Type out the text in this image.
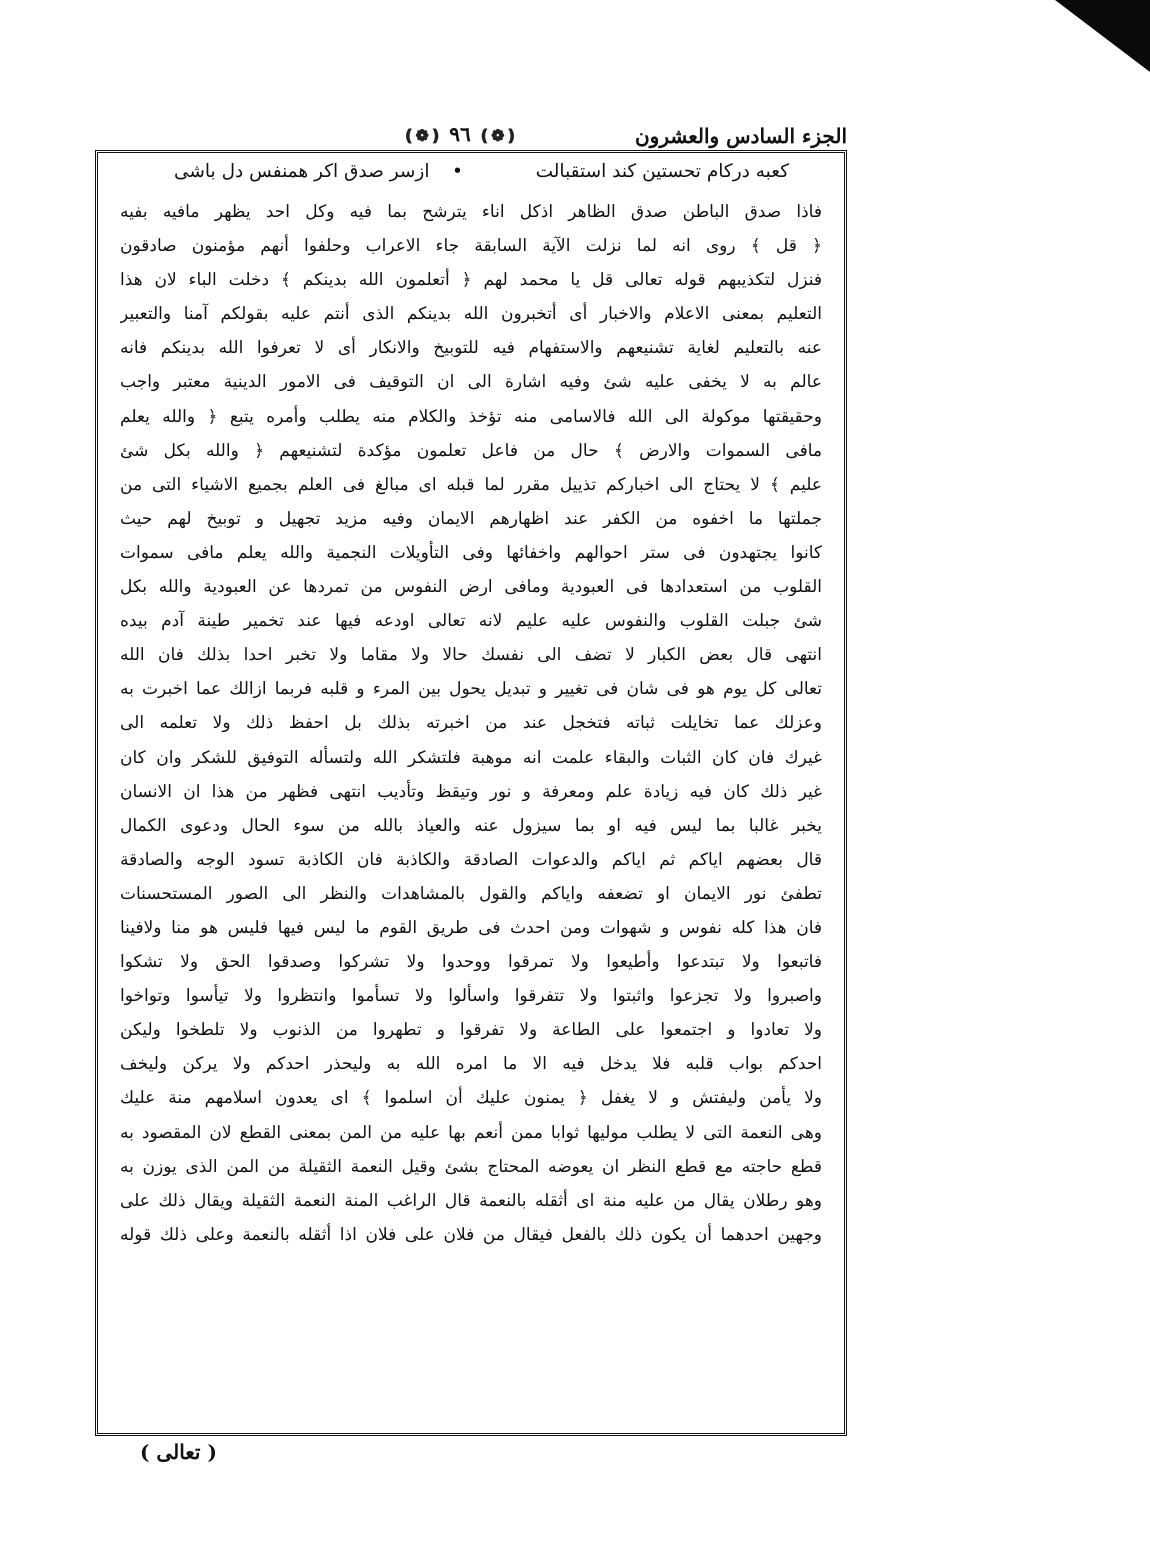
الجزء السادس والعشرون
❪❁❫ ٩٦ ❪❁❫
كعبه دركام تحستين كند استقبالت
•
ازسر صدق اكر همنفس دل باشى
فاذا صدق الباطن صدق الظاهر اذكل اناء يترشح بما فيه وكل احد يظهر مافيه بفيه
﴿ قل ﴾ روى انه لما نزلت الآية السابقة جاء الاعراب وحلفوا أنهم مؤمنون صادقون
فنزل لتكذيبهم قوله تعالى قل يا محمد لهم ﴿ أتعلمون الله بدينكم ﴾ دخلت الباء لان هذا
التعليم بمعنى الاعلام والاخبار أى أتخبرون الله بدينكم الذى أنتم عليه بقولكم آمنا والتعبير
عنه بالتعليم لغاية تشنيعهم والاستفهام فيه للتوبيخ والانكار أى لا تعرفوا الله بدينكم فانه
عالم به لا يخفى عليه شئ وفيه اشارة الى ان التوقيف فى الامور الدينية معتبر واجب
وحقيقتها موكولة الى الله فالاسامى منه تؤخذ والكلام منه يطلب وأمره يتبع ﴿ والله يعلم
مافى السموات والارض ﴾ حال من فاعل تعلمون مؤكدة لتشنيعهم ﴿ والله بكل شئ
عليم ﴾ لا يحتاج الى اخباركم تذييل مقرر لما قبله اى مبالغ فى العلم بجميع الاشياء التى من
جملتها ما اخفوه من الكفر عند اظهارهم الايمان وفيه مزيد تجهيل و توبيخ لهم حيث
كانوا يجتهدون فى ستر احوالهم واخفائها وفى التأويلات النجمية والله يعلم مافى سموات
القلوب من استعدادها فى العبودية ومافى ارض النفوس من تمردها عن العبودية والله بكل
شئ جبلت القلوب والنفوس عليه عليم لانه تعالى اودعه فيها عند تخمير طينة آدم بيده
انتهى قال بعض الكبار لا تضف الى نفسك حالا ولا مقاما ولا تخبر احدا بذلك فان الله
تعالى كل يوم هو فى شان فى تغيير و تبديل يحول بين المرء و قلبه فربما ازالك عما اخبرت به
وعزلك عما تخايلت ثباته فتخجل عند من اخبرته بذلك بل احفظ ذلك ولا تعلمه الى
غيرك فان كان الثبات والبقاء علمت انه موهبة فلتشكر الله ولتسأله التوفيق للشكر وان كان
غير ذلك كان فيه زيادة علم ومعرفة و نور وتيقظ وتأديب انتهى فظهر من هذا ان الانسان
يخبر غالبا بما ليس فيه او بما سيزول عنه والعياذ بالله من سوء الحال ودعوى الكمال
قال بعضهم اياكم ثم اياكم والدعوات الصادقة والكاذبة فان الكاذبة تسود الوجه والصادقة
تطفئ نور الايمان او تضعفه واياكم والقول بالمشاهدات والنظر الى الصور المستحسنات
فان هذا كله نفوس و شهوات ومن احدث فى طريق القوم ما ليس فيها فليس هو منا ولافينا
فاتبعوا ولا تبتدعوا وأطيعوا ولا تمرقوا ووحدوا ولا تشركوا وصدقوا الحق ولا تشكوا
واصبروا ولا تجزعوا واثبتوا ولا تتفرقوا واسألوا ولا تسأموا وانتظروا ولا تيأسوا وتواخوا
ولا تعادوا و اجتمعوا على الطاعة ولا تفرقوا و تطهروا من الذنوب ولا تلطخوا وليكن
احدكم بواب قلبه فلا يدخل فيه الا ما امره الله به وليحذر احدكم ولا يركن وليخف
ولا يأمن وليفتش و لا يغفل ﴿ يمنون عليك أن اسلموا ﴾ اى يعدون اسلامهم منة عليك
وهى النعمة التى لا يطلب موليها ثوابا ممن أنعم بها عليه من المن بمعنى القطع لان المقصود به
قطع حاجته مع قطع النظر ان يعوضه المحتاج بشئ وقيل النعمة الثقيلة من المن الذى يوزن به
وهو رطلان يقال من عليه منة اى أثقله بالنعمة قال الراغب المنة النعمة الثقيلة ويقال ذلك على
وجهين احدهما أن يكون ذلك بالفعل فيقال من فلان على فلان اذا أثقله بالنعمة وعلى ذلك قوله
( تعالى )
